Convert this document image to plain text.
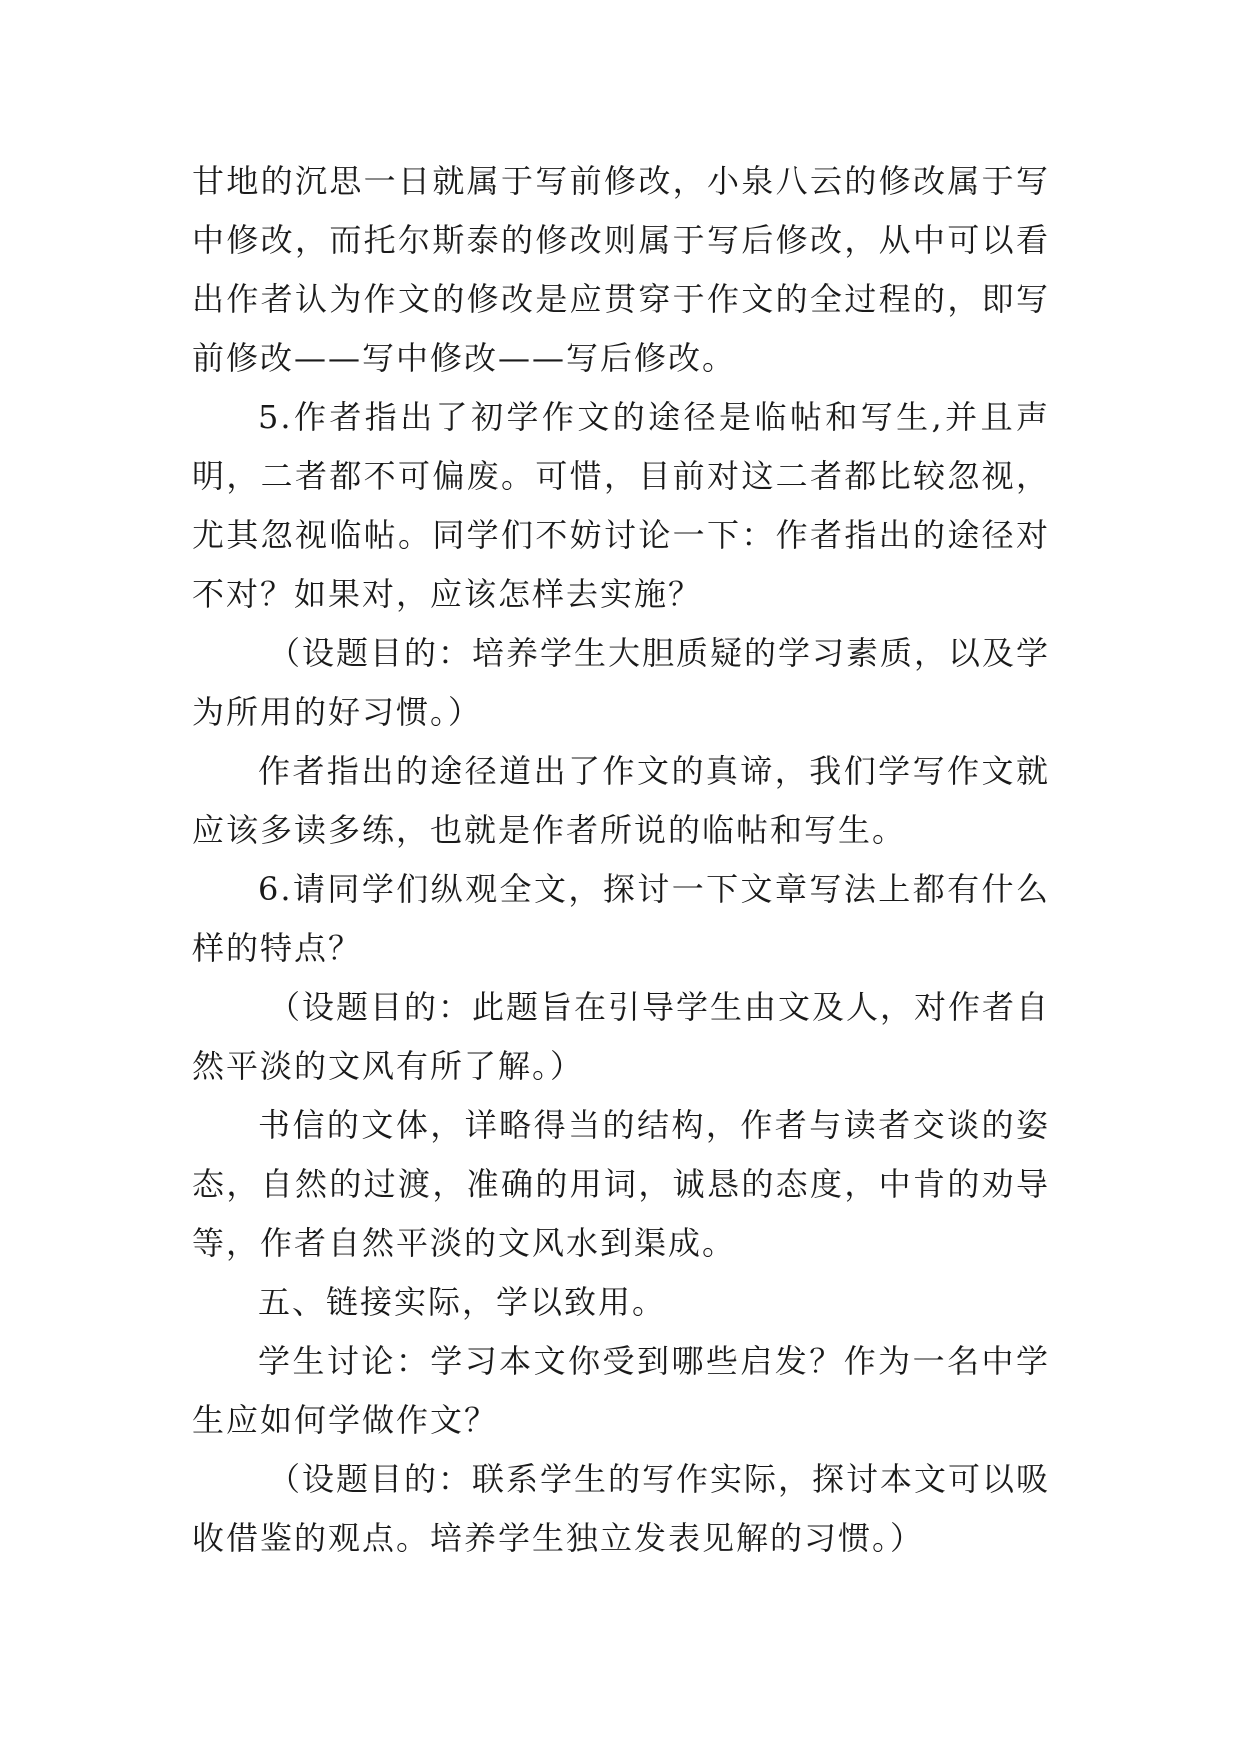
甘地的沉思一日就属于写前修改，小泉八云的修改属于写中修改，而托尔斯泰的修改则属于写后修改，从中可以看出作者认为作文的修改是应贯穿于作文的全过程的，即写前修改——写中修改——写后修改。

5.作者指出了初学作文的途径是临帖和写生,并且声明，二者都不可偏废。可惜，目前对这二者都比较忽视，尤其忽视临帖。同学们不妨讨论一下：作者指出的途径对不对？如果对，应该怎样去实施？

（设题目的：培养学生大胆质疑的学习素质，以及学为所用的好习惯。）

作者指出的途径道出了作文的真谛，我们学写作文就应该多读多练，也就是作者所说的临帖和写生。

6.请同学们纵观全文，探讨一下文章写法上都有什么样的特点？

（设题目的：此题旨在引导学生由文及人，对作者自然平淡的文风有所了解。）

书信的文体，详略得当的结构，作者与读者交谈的姿态，自然的过渡，准确的用词，诚恳的态度，中肯的劝导等，作者自然平淡的文风水到渠成。

五、链接实际，学以致用。

学生讨论：学习本文你受到哪些启发？作为一名中学生应如何学做作文？

（设题目的：联系学生的写作实际，探讨本文可以吸收借鉴的观点。培养学生独立发表见解的习惯。）
